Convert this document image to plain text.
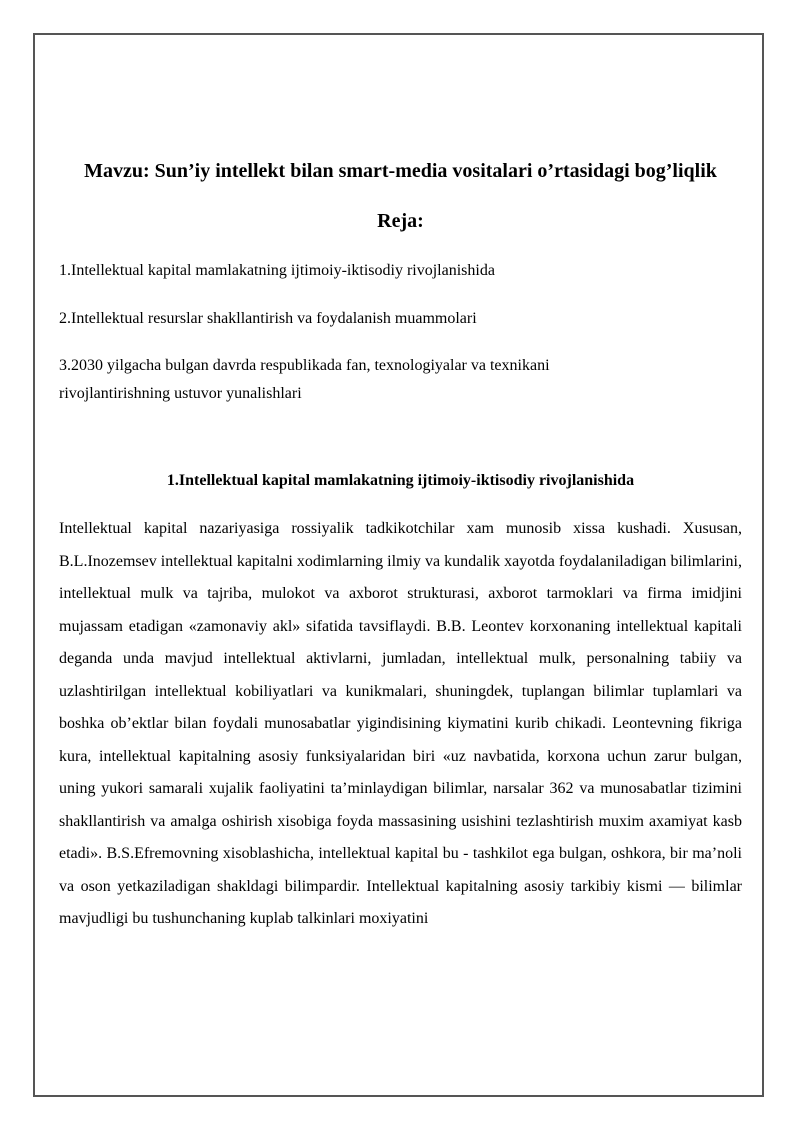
Mavzu: Sun’iy intellekt bilan smart-media vositalari o’rtasidagi bog’liqlik
Reja:
1.Intellektual kapital mamlakatning ijtimoiy-iktisodiy rivojlanishida
2.Intellektual resurslar shakllantirish va foydalanish muammolari
3.2030 yilgacha bulgan davrda respublikada fan, texnologiyalar va texnikani rivojlantirishning ustuvor yunalishlari
1.Intellektual kapital mamlakatning ijtimoiy-iktisodiy rivojlanishida

Intellektual kapital nazariyasiga rossiyalik tadkikotchilar xam munosib xissa kushadi. Xususan, B.L.Inozemsev intellektual kapitalni xodimlarning ilmiy va kundalik xayotda foydalaniladigan bilimlarini, intellektual mulk va tajriba, mulokot va axborot strukturasi, axborot tarmoklari va firma imidjini mujassam etadigan «zamonaviy akl» sifatida tavsiflaydi. B.B. Leontev korxonaning intellektual kapitali deganda unda mavjud intellektual aktivlarni, jumladan, intellektual mulk, personalning tabiiy va uzlashtirilgan intellektual kobiliyatlari va kunikmalari, shuningdek, tuplangan bilimlar tuplamlari va boshka ob’ektlar bilan foydali munosabatlar yigindisining kiymatini kurib chikadi. Leontevning fikriga kura, intellektual kapitalning asosiy funksiyalaridan biri «uz navbatida, korxona uchun zarur bulgan, uning yukori samarali xujalik faoliyatini ta’minlaydigan bilimlar, narsalar 362 va munosabatlar tizimini shakllantirish va amalga oshirish xisobiga foyda massasining usishini tezlashtirish muxim axamiyat kasb etadi». B.S.Efremovning xisoblashicha, intellektual kapital bu - tashkilot ega bulgan, oshkora, bir ma’noli va oson yetkaziladigan shakldagi bilimpardir. Intellektual kapitalning asosiy tarkibiy kismi — bilimlar mavjudligi bu tushunchaning kuplab talkinlari moxiyatini
